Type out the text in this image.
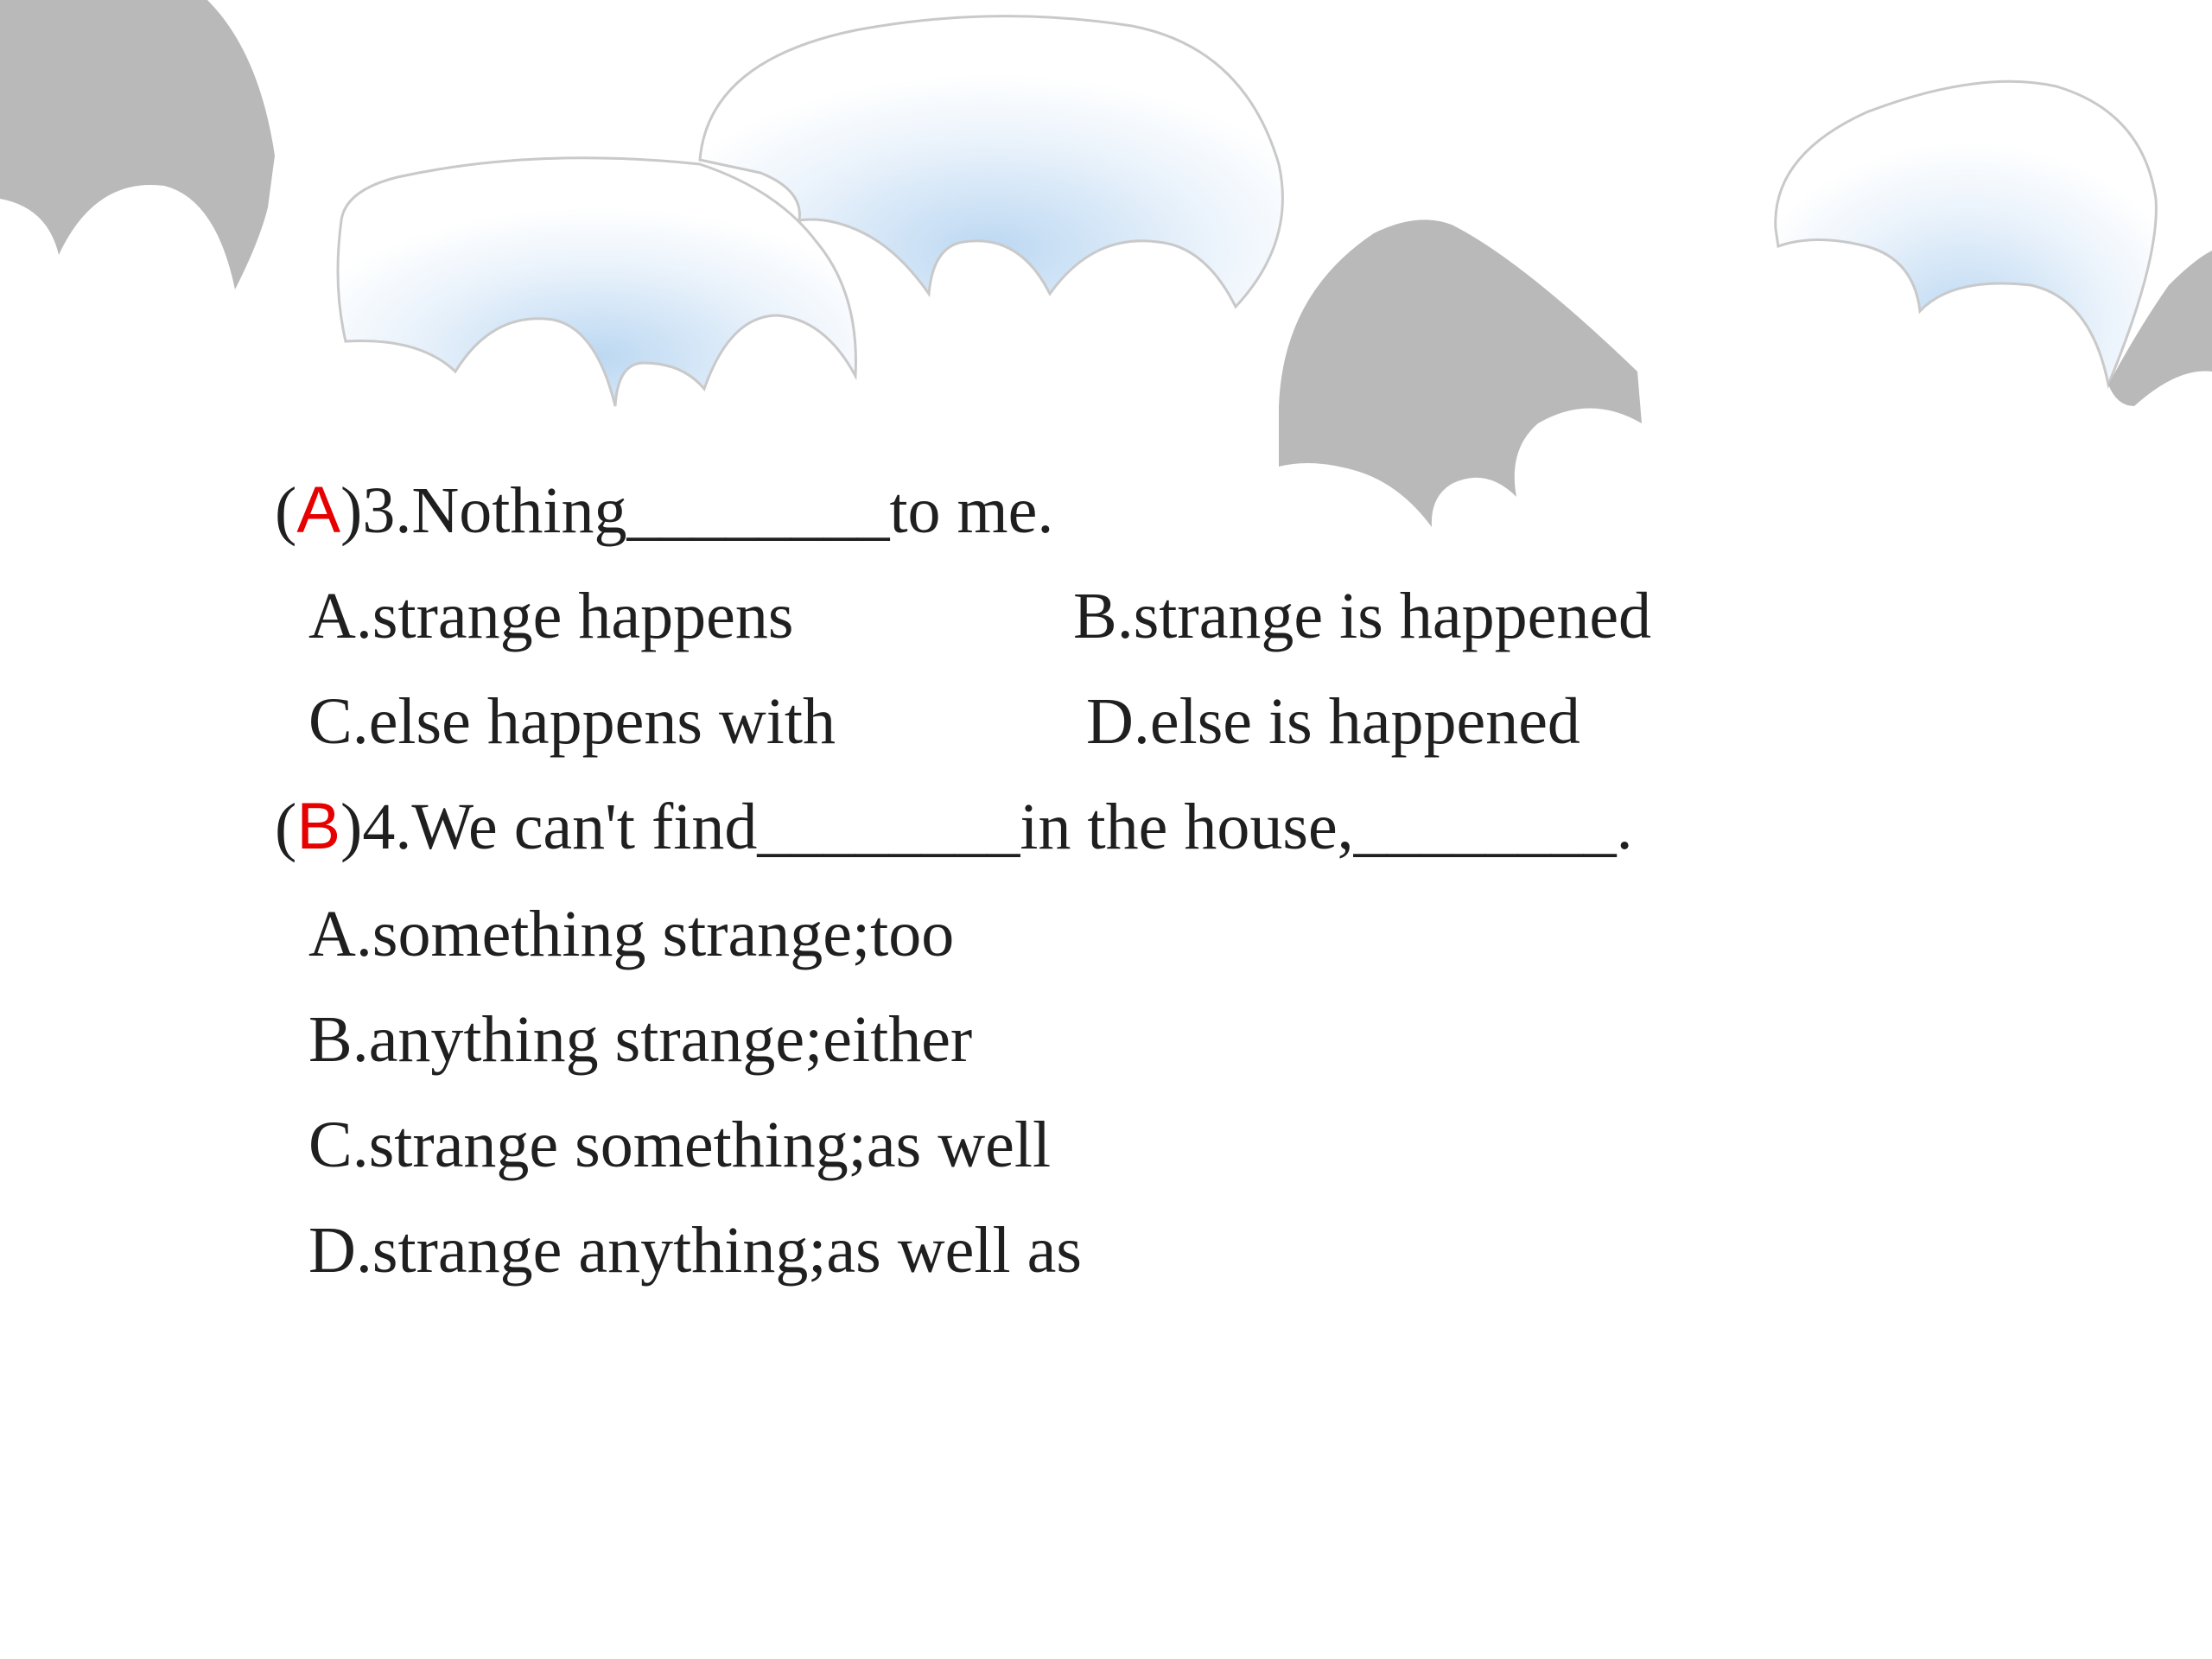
(A)3.Nothing________to me.
A.strange happens	B.strange is happened
C.else happens with	D.else is happened
(B)4.We can't find________in the house,________.
A.something strange;too
B.anything strange;either
C.strange something;as well
D.strange anything;as well as
